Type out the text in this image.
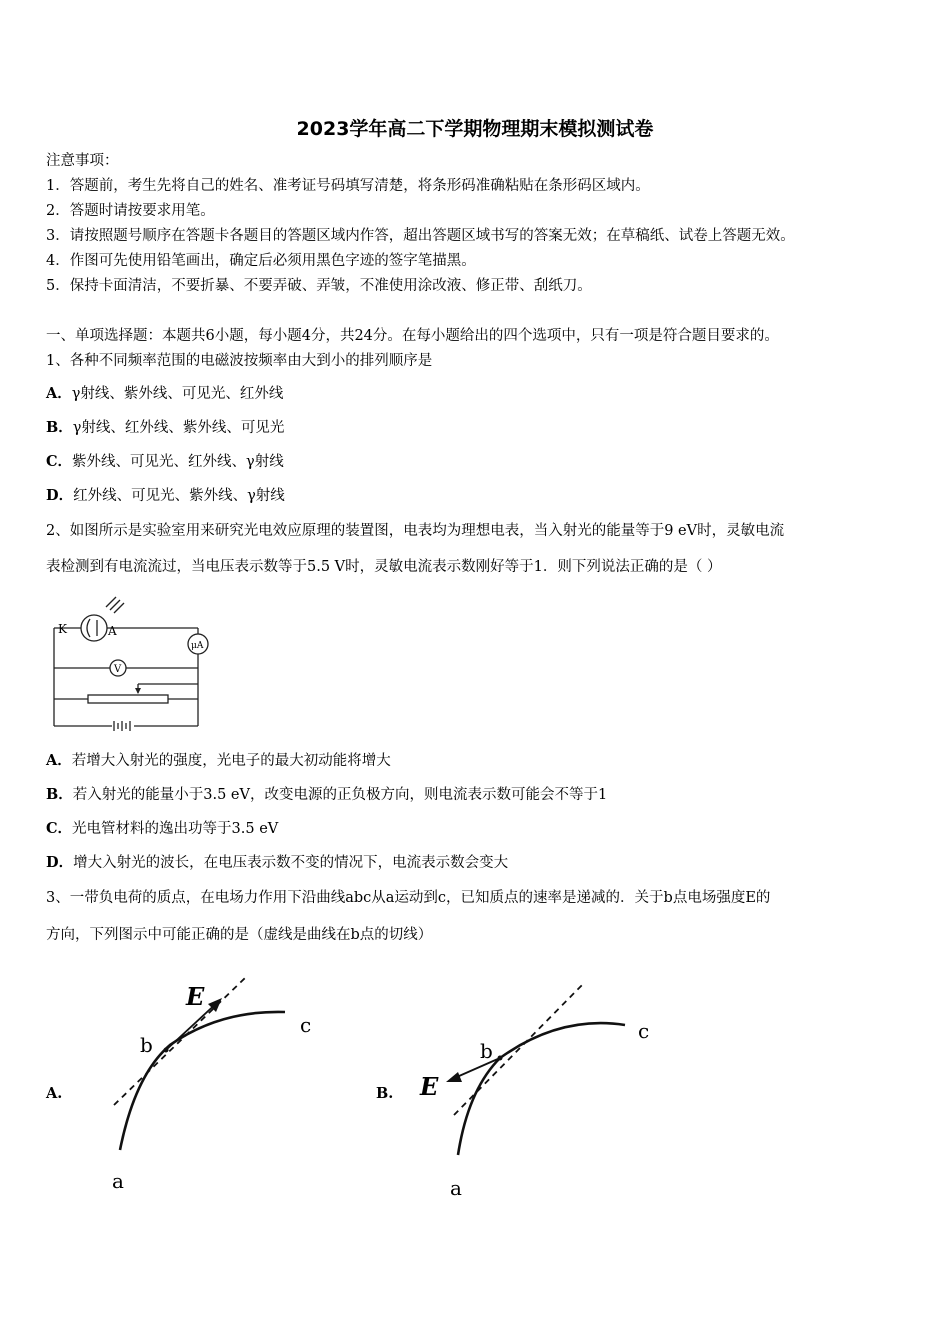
2023学年高二下学期物理期末模拟测试卷
注意事项：
1．答题前，考生先将自己的姓名、准考证号码填写清楚，将条形码准确粘贴在条形码区域内。
2．答题时请按要求用笔。
3．请按照题号顺序在答题卡各题目的答题区域内作答，超出答题区域书写的答案无效；在草稿纸、试卷上答题无效。
4．作图可先使用铅笔画出，确定后必须用黑色字迹的签字笔描黑。
5．保持卡面清洁，不要折暴、不要弄破、弄皱，不准使用涂改液、修正带、刮纸刀。
一、单项选择题：本题共6小题，每小题4分，共24分。在每小题给出的四个选项中，只有一项是符合题目要求的。
1、各种不同频率范围的电磁波按频率由大到小的排列顺序是
A．γ射线、紫外线、可见光、红外线
B．γ射线、红外线、紫外线、可见光
C．紫外线、可见光、红外线、γ射线
D．红外线、可见光、紫外线、γ射线
2、如图所示是实验室用来研究光电效应原理的装置图，电表均为理想电表，当入射光的能量等于9 eV时，灵敏电流
表检测到有电流流过，当电压表示数等于5.5 V时，灵敏电流表示数刚好等于1．则下列说法正确的是（ ）
K	A
μA
V
A．若增大入射光的强度，光电子的最大初动能将增大
B．若入射光的能量小于3.5 eV，改变电源的正负极方向，则电流表示数可能会不等于1
C．光电管材料的逸出功等于3.5 eV
D．增大入射光的波长，在电压表示数不变的情况下，电流表示数会变大
3、一带负电荷的质点，在电场力作用下沿曲线abc从a运动到c，已知质点的速率是递减的．关于b点电场强度E的
方向，下列图示中可能正确的是（虚线是曲线在b点的切线）
A.
E
b
c
a
B. E
b
c
a
